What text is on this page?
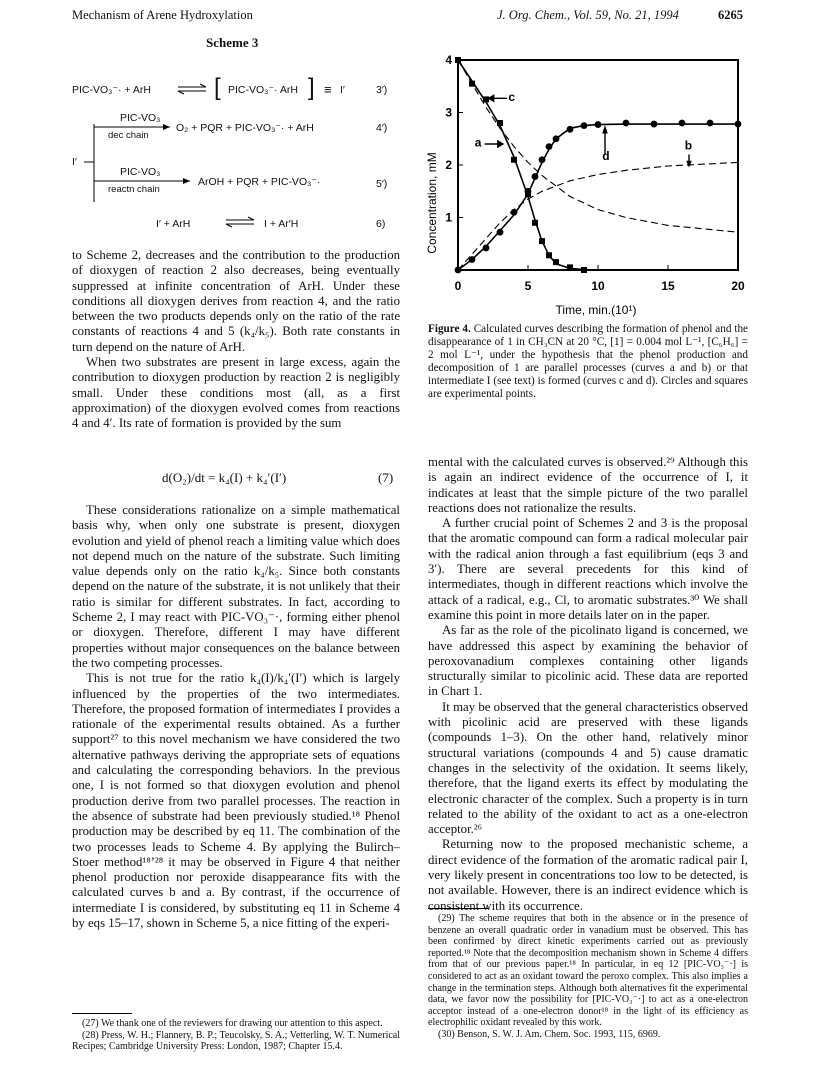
Mechanism of Arene Hydroxylation	J. Org. Chem., Vol. 59, No. 21, 1994	6265
Scheme 3
PIC-VO₃⁻· + ArH ⇌ [ PIC-VO₃⁻· ArH ] ≡ I′	3′)
I′
PIC-VO₃
dec chain
O₂ + PQR + PIC-VO₃⁻· + ArH	4′)
PIC-VO₃
reactn chain
ArOH + PQR + PIC-VO₃⁻·	5′)
I′ + ArH	⇌ I + Ar′H	6)

to Scheme 2, decreases and the contribution to the production of dioxygen of reaction 2 also decreases, being eventually suppressed at infinite concentration of ArH. Under these conditions all dioxygen derives from reaction 4, and the ratio between the two products depends only on the ratio of the rate constants of reactions 4 and 5 (k₄/k₅). Both rate constants in turn depend on the nature of ArH.

When two substrates are present in large excess, again the contribution to dioxygen production by reaction 2 is negligibly small. Under these conditions most (all, as a first approximation) of the dioxygen evolved comes from reactions 4 and 4′. Its rate of formation is provided by the sum

d(O₂)/dt = k₄(I) + k₄′(I′)	(7)

These considerations rationalize on a simple mathematical basis why, when only one substrate is present, dioxygen evolution and yield of phenol reach a limiting value which does not depend much on the nature of the substrate. Such limiting value depends only on the ratio k₄/k₅. Since both constants depend on the nature of the substrate, it is not unlikely that their ratio is similar for different substrates. In fact, according to Scheme 2, I may react with PIC-VO₃⁻·, forming either phenol or dioxygen. Therefore, different I may have different properties without major consequences on the balance between the two competing processes.

This is not true for the ratio k₄(I)/k₄′(I′) which is largely influenced by the properties of the two intermediates. Therefore, the proposed formation of intermediates I provides a rationale of the experimental results obtained. As a further support²⁷ to this novel mechanism we have considered the two alternative pathways deriving the appropriate sets of equations and calculating the corresponding behaviors. In the previous one, I is not formed so that dioxygen evolution and phenol production derive from two parallel processes. The reaction in the absence of substrate had been previously studied.¹⁸ Phenol production may be described by eq 11. The combination of the two processes leads to Scheme 4. By applying the Bulirch–Stoer method¹⁸ʼ²⁸ it may be observed in Figure 4 that neither phenol production nor peroxide disappearance fits with the calculated curves b and a. By contrast, if the occurrence of intermediate I is considered, by substituting eq 11 in Scheme 4 by eqs 15–17, shown in Scheme 5, a nice fitting of the experi-

(27) We thank one of the reviewers for drawing our attention to this aspect.

(28) Press, W. H.; Flannery, B. P.; Teucolsky, S. A.; Vetterling, W. T. Numerical Recipes; Cambridge University Press: London, 1987; Chapter 15.4.

0	5	10	15	20
1
2
3
4
c
a
d
b
Concentration, mM
Time, min.(10¹)
Figure 4. Calculated curves describing the formation of phenol and the disappearance of 1 in CH₃CN at 20 °C, [1] = 0.004 mol L⁻¹, [C₆H₆] = 2 mol L⁻¹, under the hypothesis that the phenol production and decomposition of 1 are parallel processes (curves a and b) or that intermediate I (see text) is formed (curves c and d). Circles and squares are experimental points.

mental with the calculated curves is observed.²⁹ Although this is again an indirect evidence of the occurrence of I, it indicates at least that the simple picture of the two parallel reactions does not rationalize the results.

A further crucial point of Schemes 2 and 3 is the proposal that the aromatic compound can form a radical molecular pair with the radical anion through a fast equilibrium (eqs 3 and 3′). There are several precedents for this kind of intermediates, though in different reactions which involve the attack of a radical, e.g., Cl, to aromatic substrates.³⁰ We shall examine this point in more details later on in the paper.

As far as the role of the picolinato ligand is concerned, we have addressed this aspect by examining the behavior of peroxovanadium complexes containing other ligands structurally similar to picolinic acid. These data are reported in Chart 1.

It may be observed that the general characteristics observed with picolinic acid are preserved with these ligands (compounds 1–3). On the other hand, relatively minor structural variations (compounds 4 and 5) cause dramatic changes in the selectivity of the oxidation. It seems likely, therefore, that the ligand exerts its effect by modulating the electronic character of the complex. Such a property is in turn related to the ability of the oxidant to act as a one-electron acceptor.²⁶

Returning now to the proposed mechanistic scheme, a direct evidence of the formation of the aromatic radical pair I, very likely present in concentrations too low to be detected, is not available. However, there is an indirect evidence which is consistent with its occurrence.

(29) The scheme requires that both in the absence or in the presence of benzene an overall quadratic order in vanadium must be observed. This has been confirmed by direct kinetic experiments carried out as previously reported.¹⁸ Note that the decomposition mechanism shown in Scheme 4 differs from that of our previous paper.¹⁸ In particular, in eq 12 [PIC-VO₃⁻·] is considered to act as an oxidant toward the peroxo complex. This also implies a change in the termination steps. Although both alternatives fit the experimental data, we favor now the possibility for [PIC-VO₃⁻·] to act as a one-electron acceptor instead of a one-electron donor¹⁸ in the light of its efficiency as electrophilic oxidant revealed by this work.

(30) Benson, S. W. J. Am. Chem. Soc. 1993, 115, 6969.
